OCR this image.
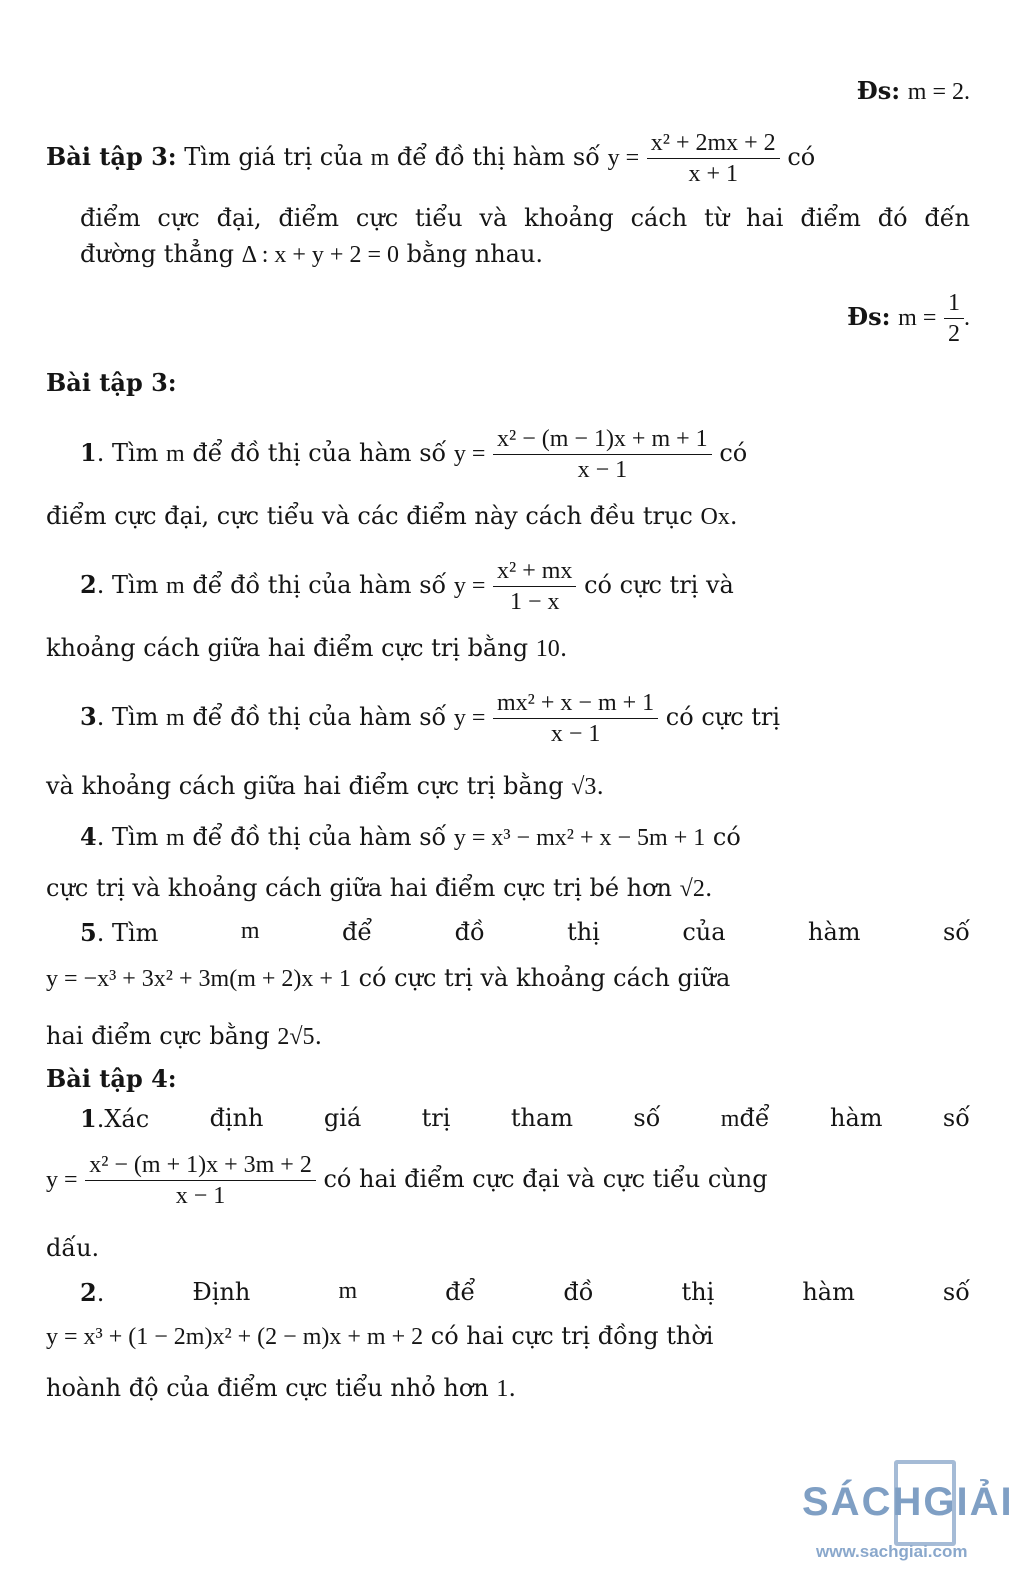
Đs: m = 2.
Bài tập 3: Tìm giá trị của m để đồ thị hàm số $y = \frac{\text{x² + 2mx + 2}}{x + 1}$ có
điểm cực đại, điểm cực tiểu và khoảng cách từ hai điểm đó đến
đường thẳng Δ : x + y + 2 = 0 bằng nhau.
Đs: $m = \frac{1}{2}$ .
Bài tập 3:
1. Tìm m để đồ thị của hàm số $y = \frac{\text{x² − (m − 1)x + m + 1}}{x - 1}$ có
điểm cực đại, cực tiểu và các điểm này cách đều trục Ox.
2. Tìm m để đồ thị của hàm số $y = \frac{\text{x² + mx}}{1 - x}$ có cực trị và
khoảng cách giữa hai điểm cực trị bằng 10.
3. Tìm m để đồ thị của hàm số $y = \frac{\text{mx² + x − m + 1}}{x - 1}$ có cực trị
và khoảng cách giữa hai điểm cực trị bằng √3.
4. Tìm m để đồ thị của hàm số y = x³ − mx² + x − 5m + 1 có
cực trị và khoảng cách giữa hai điểm cực trị bé hơn √2.
5. Tìm	m	để	đồ	thị	của	hàm	số
y = −x³ + 3x² + 3m(m + 2)x + 1 có cực trị và khoảng cách giữa
hai điểm cực bằng 2√5.
Bài tập 4:
1.Xác	định	giá	trị	tham	số	mđể	hàm	số
$y = \frac{\text{x² − (m + 1)x + 3m + 2}}{x - 1}$ có hai điểm cực đại và cực tiểu cùng
dấu.
2.	Định	m	để	đồ	thị	hàm	số
y = x³ + (1 − 2m)x² + (2 − m)x + m + 2 có hai cực trị đồng thời
hoành độ của điểm cực tiểu nhỏ hơn 1.
SÁCHGIẢI
www.sachgiai.com
